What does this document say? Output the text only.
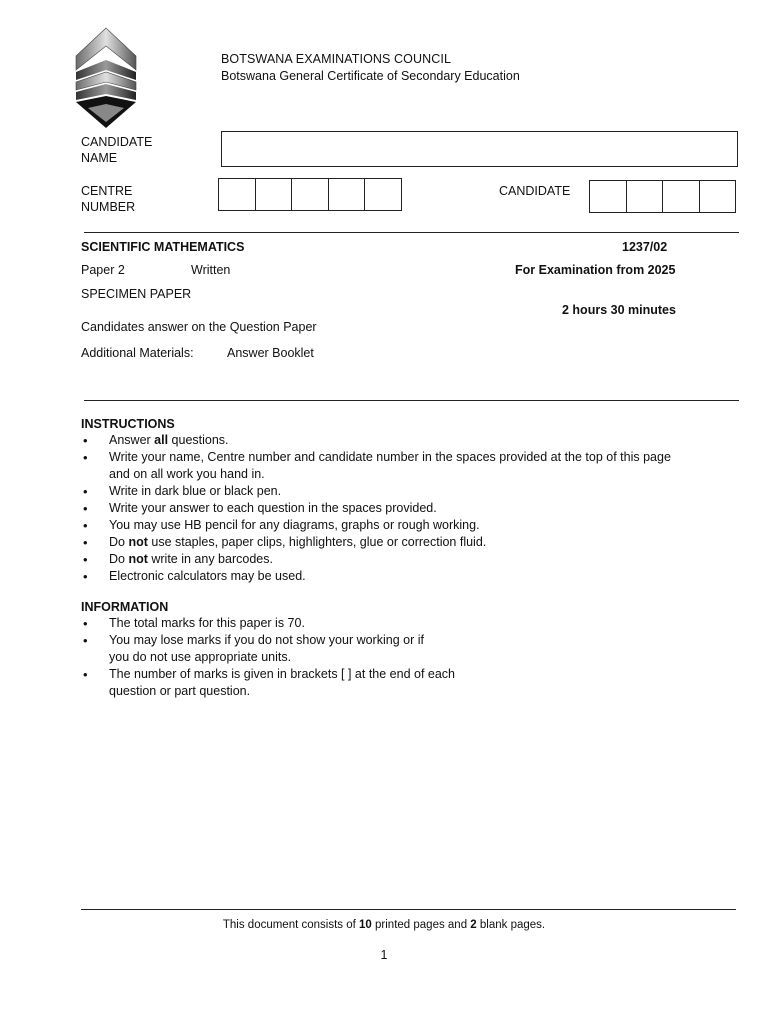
BOTSWANA EXAMINATIONS COUNCIL
Botswana General Certificate of Secondary Education
CANDIDATE
NAME
CENTRE
NUMBER
CANDIDATE
SCIENTIFIC MATHEMATICS	1237/02
Paper 2	Written	For Examination from 2025
SPECIMEN PAPER
2 hours 30 minutes
Candidates answer on the Question Paper
Additional Materials:	Answer Booklet
INSTRUCTIONS
• Answer all questions.
• Write your name, Centre number and candidate number in the spaces provided at the top of this page and on all work you hand in.
• Write in dark blue or black pen.
• Write your answer to each question in the spaces provided.
• You may use HB pencil for any diagrams, graphs or rough working.
• Do not use staples, paper clips, highlighters, glue or correction fluid.
• Do not write in any barcodes.
• Electronic calculators may be used.
INFORMATION
• The total marks for this paper is 70.
• You may lose marks if you do not show your working or if
you do not use appropriate units.
• The number of marks is given in brackets [ ] at the end of each
question or part question.
This document consists of 10 printed pages and 2 blank pages.
1
